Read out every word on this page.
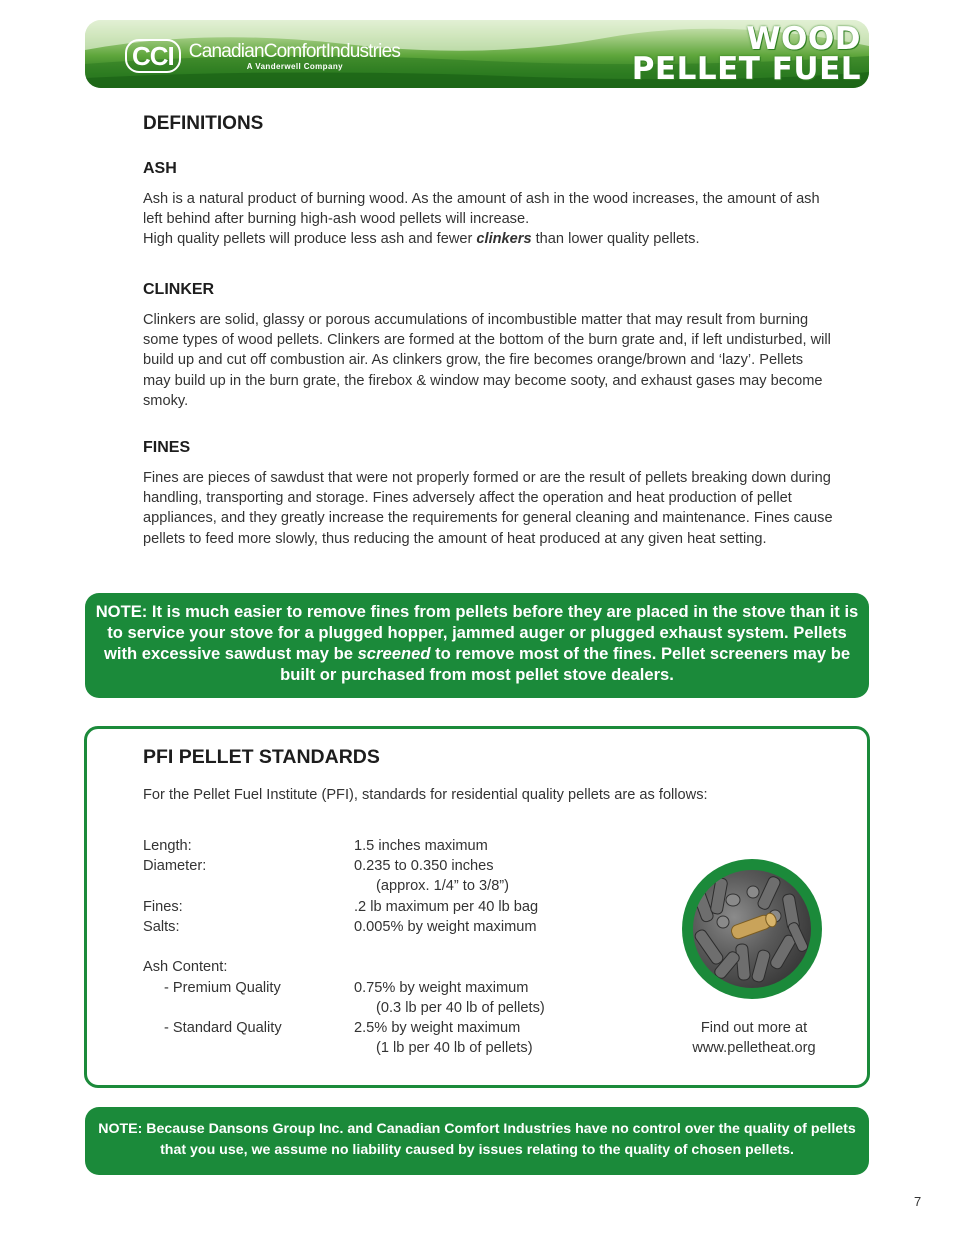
CCI CanadianComfortIndustries
A Vanderwell Company
WOOD
PELLET FUEL
DEFINITIONS
ASH

Ash is a natural product of burning wood. As the amount of ash in the wood increases, the amount of ash left behind after burning high-ash wood pellets will increase.

High quality pellets will produce less ash and fewer clinkers than lower quality pellets.

CLINKER
Clinkers are solid, glassy or porous accumulations of incombustible matter that may result from burning some types of wood pellets. Clinkers are formed at the bottom of the burn grate and, if left undisturbed, will build up and cut off combustion air. As clinkers grow, the fire becomes orange/brown and ‘lazy’. Pellets may build up in the burn grate, the firebox & window may become sooty, and exhaust gases may become smoky.
FINES
Fines are pieces of sawdust that were not properly formed or are the result of pellets breaking down during handling, transporting and storage. Fines adversely affect the operation and heat production of pellet appliances, and they greatly increase the requirements for general cleaning and maintenance. Fines cause pellets to feed more slowly, thus reducing the amount of heat produced at any given heat setting.
NOTE: It is much easier to remove fines from pellets before they are placed in the stove than it is to service your stove for a plugged hopper, jammed auger or plugged exhaust system. Pellets with excessive sawdust may be screened to remove most of the fines. Pellet screeners may be built or purchased from most pellet stove dealers.
PFI PELLET STANDARDS
For the Pellet Fuel Institute (PFI), standards for residential quality pellets are as follows:
Length:	1.5 inches maximum
Diameter:	0.235 to 0.350 inches
(approx. 1/4” to 3/8”)
Fines:	.2 lb maximum per 40 lb bag
Salts:	0.005% by weight maximum
Ash Content:
- Premium Quality	0.75% by weight maximum
(0.3 lb per 40 lb of pellets)
- Standard Quality	2.5% by weight maximum
(1 lb per 40 lb of pellets)
Find out more at
www.pelletheat.org
NOTE: Because Dansons Group Inc. and Canadian Comfort Industries have no control over the quality of pellets that you use, we assume no liability caused by issues relating to the quality of chosen pellets.
7
